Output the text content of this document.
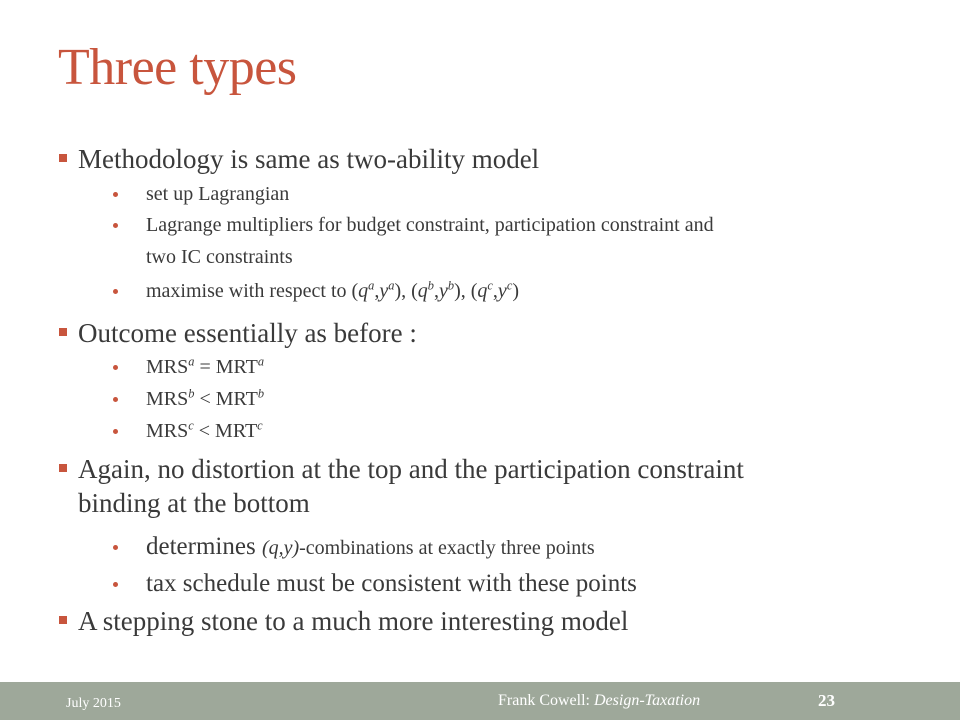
Three types
Methodology is same as two-ability model
set up Lagrangian
Lagrange multipliers for budget constraint, participation constraint and
two IC constraints
maximise with respect to $(q^a,y^a)$, $(q^b,y^b)$, $(q^c,y^c)$
Outcome essentially as before :
$MRS^a = MRT^a$
$MRS^b < MRT^b$
$MRS^c < MRT^c$
Again, no distortion at the top and the participation constraint
binding at the bottom
determines (q,y)-combinations at exactly three points
tax schedule must be consistent with these points
A stepping stone to a much more interesting model
July 2015	Frank Cowell: Design-Taxation	23
